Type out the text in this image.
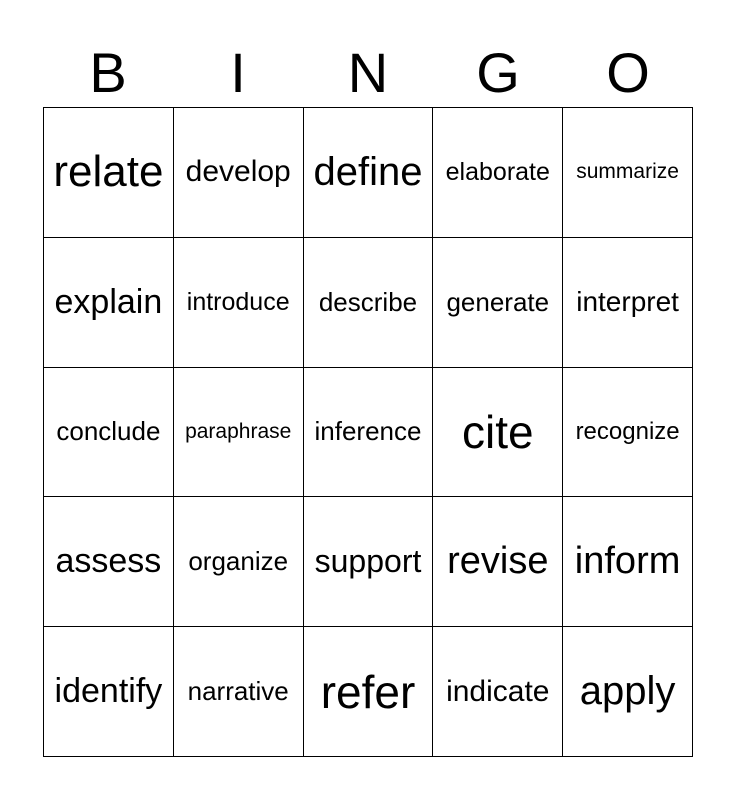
B	I	N	G	O
relate develop define elaborate summarize
explain introduce describe generate interpret
conclude paraphrase inference cite recognize
assess organize support revise inform
identify narrative refer indicate apply
